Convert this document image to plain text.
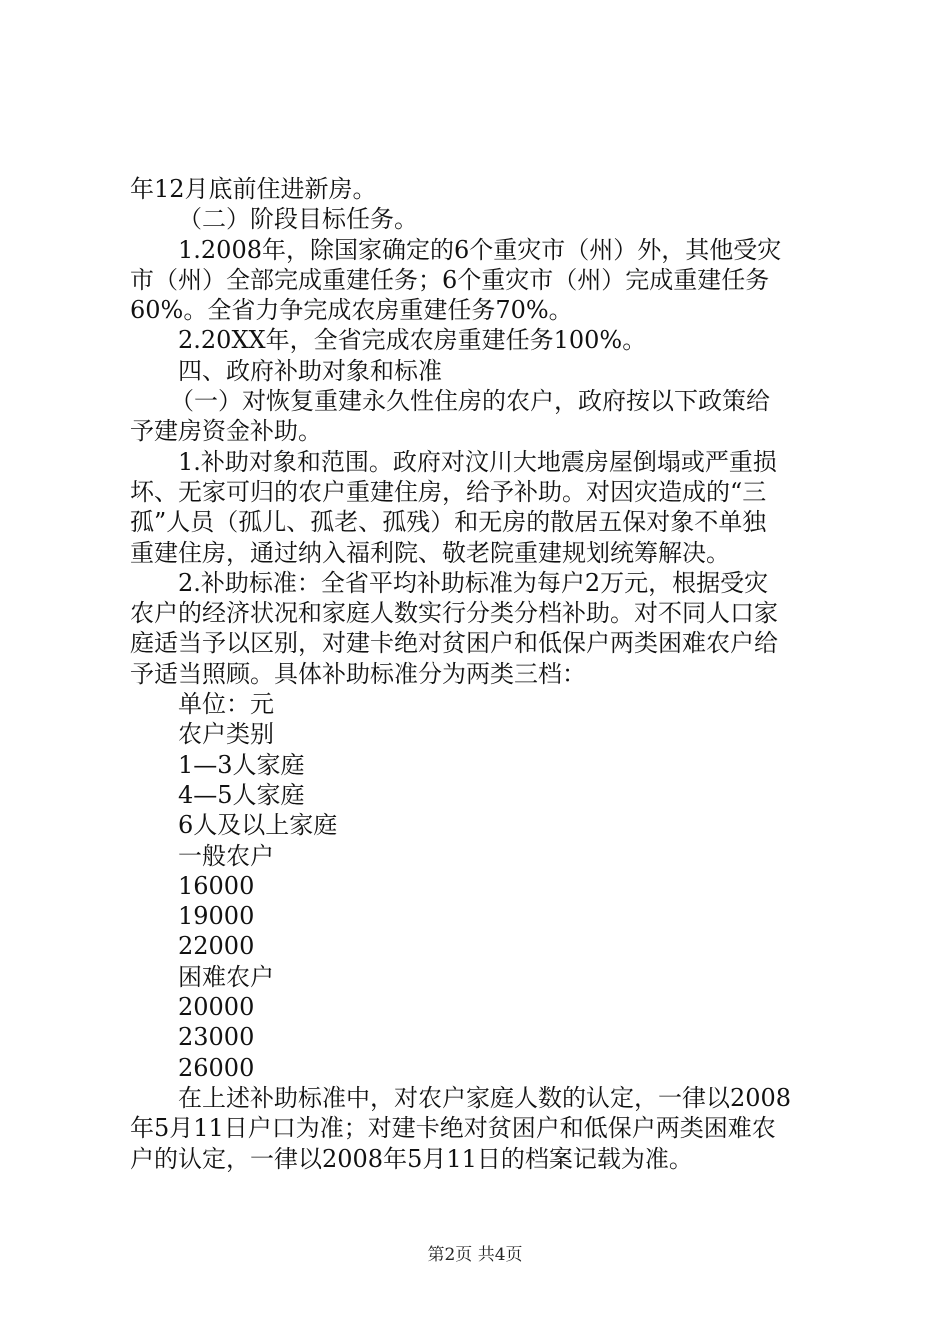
年12月底前住进新房。
（二）阶段目标任务。
1.2008年，除国家确定的6个重灾市（州）外，其他受灾
市（州）全部完成重建任务；6个重灾市（州）完成重建任务
60%。全省力争完成农房重建任务70%。
2.20XX年，全省完成农房重建任务100%。
四、政府补助对象和标准
（一）对恢复重建永久性住房的农户，政府按以下政策给
予建房资金补助。
1.补助对象和范围。政府对汶川大地震房屋倒塌或严重损
坏、无家可归的农户重建住房，给予补助。对因灾造成的“三
孤”人员（孤儿、孤老、孤残）和无房的散居五保对象不单独
重建住房，通过纳入福利院、敬老院重建规划统筹解决。
2.补助标准：全省平均补助标准为每户2万元，根据受灾
农户的经济状况和家庭人数实行分类分档补助。对不同人口家
庭适当予以区别，对建卡绝对贫困户和低保户两类困难农户给
予适当照顾。具体补助标准分为两类三档：
单位：元
农户类别
1—3人家庭
4—5人家庭
6人及以上家庭
一般农户
16000
19000
22000
困难农户
20000
23000
26000
在上述补助标准中，对农户家庭人数的认定，一律以2008
年5月11日户口为准；对建卡绝对贫困户和低保户两类困难农
户的认定，一律以2008年5月11日的档案记载为准。
第2页 共4页
